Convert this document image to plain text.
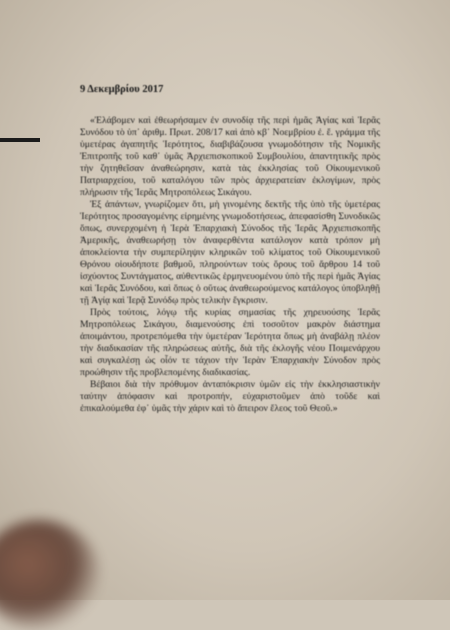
9 Δεκεμβρίου 2017

«Ἐλάβομεν καὶ ἐθεωρήσαμεν ἐν συνοδίᾳ τῆς περὶ ἡμᾶς Ἁγίας καὶ Ἱερᾶς Συνόδου τὸ ὑπ᾽ ἀριθμ. Πρωτ. 208/17 καὶ ἀπὸ κβ᾽ Νοεμβρίου ἐ. ἔ. γράμμα τῆς ὑμετέρας ἀγαπητῆς Ἱερότητος, διαβιβάζουσα γνωμοδότησιν τῆς Νομικῆς Ἐπιτροπῆς τοῦ καθ᾽ ὑμᾶς Ἀρχιεπισκοπικοῦ Συμβουλίου, ἀπαντητικῆς πρὸς τὴν ζητηθεῖσαν ἀναθεώρησιν, κατὰ τὰς ἐκκλησίας τοῦ Οἰκουμενικοῦ Πατριαρχείου, τοῦ καταλόγου τῶν πρὸς ἀρχιερατείαν ἐκλογίμων, πρὸς πλήρωσιν τῆς Ἱερᾶς Μητροπόλεως Σικάγου.

Ἐξ ἀπάντων, γνωρίζομεν ὅτι, μὴ γινομένης δεκτῆς τῆς ὑπὸ τῆς ὑμετέρας Ἱερότητος προσαγομένης εἰρημένης γνωμοδοτήσεως, ἀπεφασίσθη Συνοδικῶς ὅπως, συνερχομένη ἡ Ἱερὰ Ἐπαρχιακὴ Σύνοδος τῆς Ἱερᾶς Ἀρχιεπισκοπῆς Ἀμερικῆς, ἀναθεωρήσῃ τὸν ἀναφερθέντα κατάλογον κατὰ τρόπον μὴ ἀποκλείοντα τὴν συμπερίληψιν κληρικῶν τοῦ κλίματος τοῦ Οἰκουμενικοῦ Θρόνου οἱουδήποτε βαθμοῦ, πληρούντων τοὺς ὅρους τοῦ ἄρθρου 14 τοῦ ἰσχύοντος Συντάγματος, αὐθεντικῶς ἑρμηνευομένου ὑπὸ τῆς περὶ ἡμᾶς Ἁγίας καὶ Ἱερᾶς Συνόδου, καὶ ὅπως ὁ οὕτως ἀναθεωρούμενος κατάλογος ὑποβληθῇ τῇ Ἁγίᾳ καὶ Ἱερᾷ Συνόδῳ πρὸς τελικὴν ἔγκρισιν.

Πρὸς τούτοις, λόγῳ τῆς κυρίας σημασίας τῆς χηρευούσης Ἱερᾶς Μητροπόλεως Σικάγου, διαμενούσης ἐπὶ τοσοῦτον μακρὸν διάστημα ἀποιμάντου, προτρεπόμεθα τὴν ὑμετέραν Ἱερότητα ὅπως μὴ ἀναβάλῃ πλέον τὴν διαδικασίαν τῆς πληρώσεως αὐτῆς, διὰ τῆς ἐκλογῆς νέου Ποιμενάρχου καὶ συγκαλέσῃ ὡς οἷόν τε τάχιον τὴν Ἱερὰν Ἐπαρχιακὴν Σύνοδον πρὸς προώθησιν τῆς προβλεπομένης διαδικασίας.

Βέβαιοι διὰ τὴν πρόθυμον ἀνταπόκρισιν ὑμῶν εἰς τὴν ἐκκλησιαστικὴν ταύτην ἀπόφασιν καὶ προτροπήν, εὐχαριστοῦμεν ἀπὸ τοῦδε καὶ ἐπικαλούμεθα ἐφ᾽ ὑμᾶς τὴν χάριν καὶ τὸ ἄπειρον ἔλεος τοῦ Θεοῦ.»
